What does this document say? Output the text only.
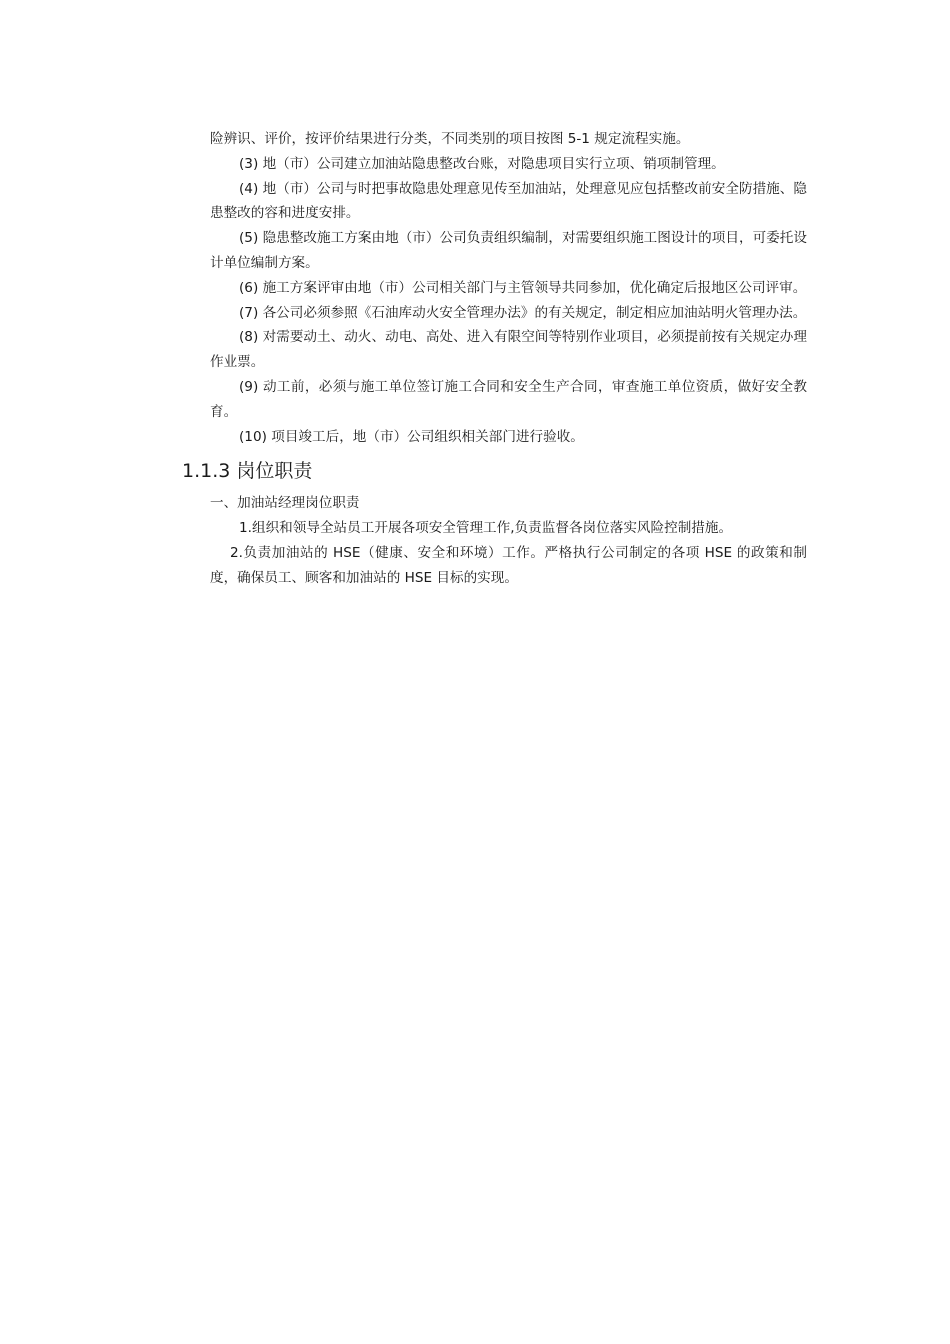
险辨识、评价，按评价结果进行分类，不同类别的项目按图 5-1 规定流程实施。

(3) 地（市）公司建立加油站隐患整改台账，对隐患项目实行立项、销项制管理。

(4) 地（市）公司与时把事故隐患处理意见传至加油站，处理意见应包括整改前安全防措施、隐患整改的容和进度安排。

(5) 隐患整改施工方案由地（市）公司负责组织编制，对需要组织施工图设计的项目，可委托设计单位编制方案。

(6) 施工方案评审由地（市）公司相关部门与主管领导共同参加，优化确定后报地区公司评审。

(7) 各公司必须参照《石油库动火安全管理办法》的有关规定，制定相应加油站明火管理办法。

(8) 对需要动土、动火、动电、高处、进入有限空间等特别作业项目，必须提前按有关规定办理作业票。

(9) 动工前，必须与施工单位签订施工合同和安全生产合同，审查施工单位资质，做好安全教育。

(10) 项目竣工后，地（市）公司组织相关部门进行验收。

1.1.3 岗位职责

一、加油站经理岗位职责

1.组织和领导全站员工开展各项安全管理工作,负责监督各岗位落实风险控制措施。

2.负责加油站的 HSE（健康、安全和环境）工作。严格执行公司制定的各项 HSE 的政策和制度，确保员工、顾客和加油站的 HSE 目标的实现。
